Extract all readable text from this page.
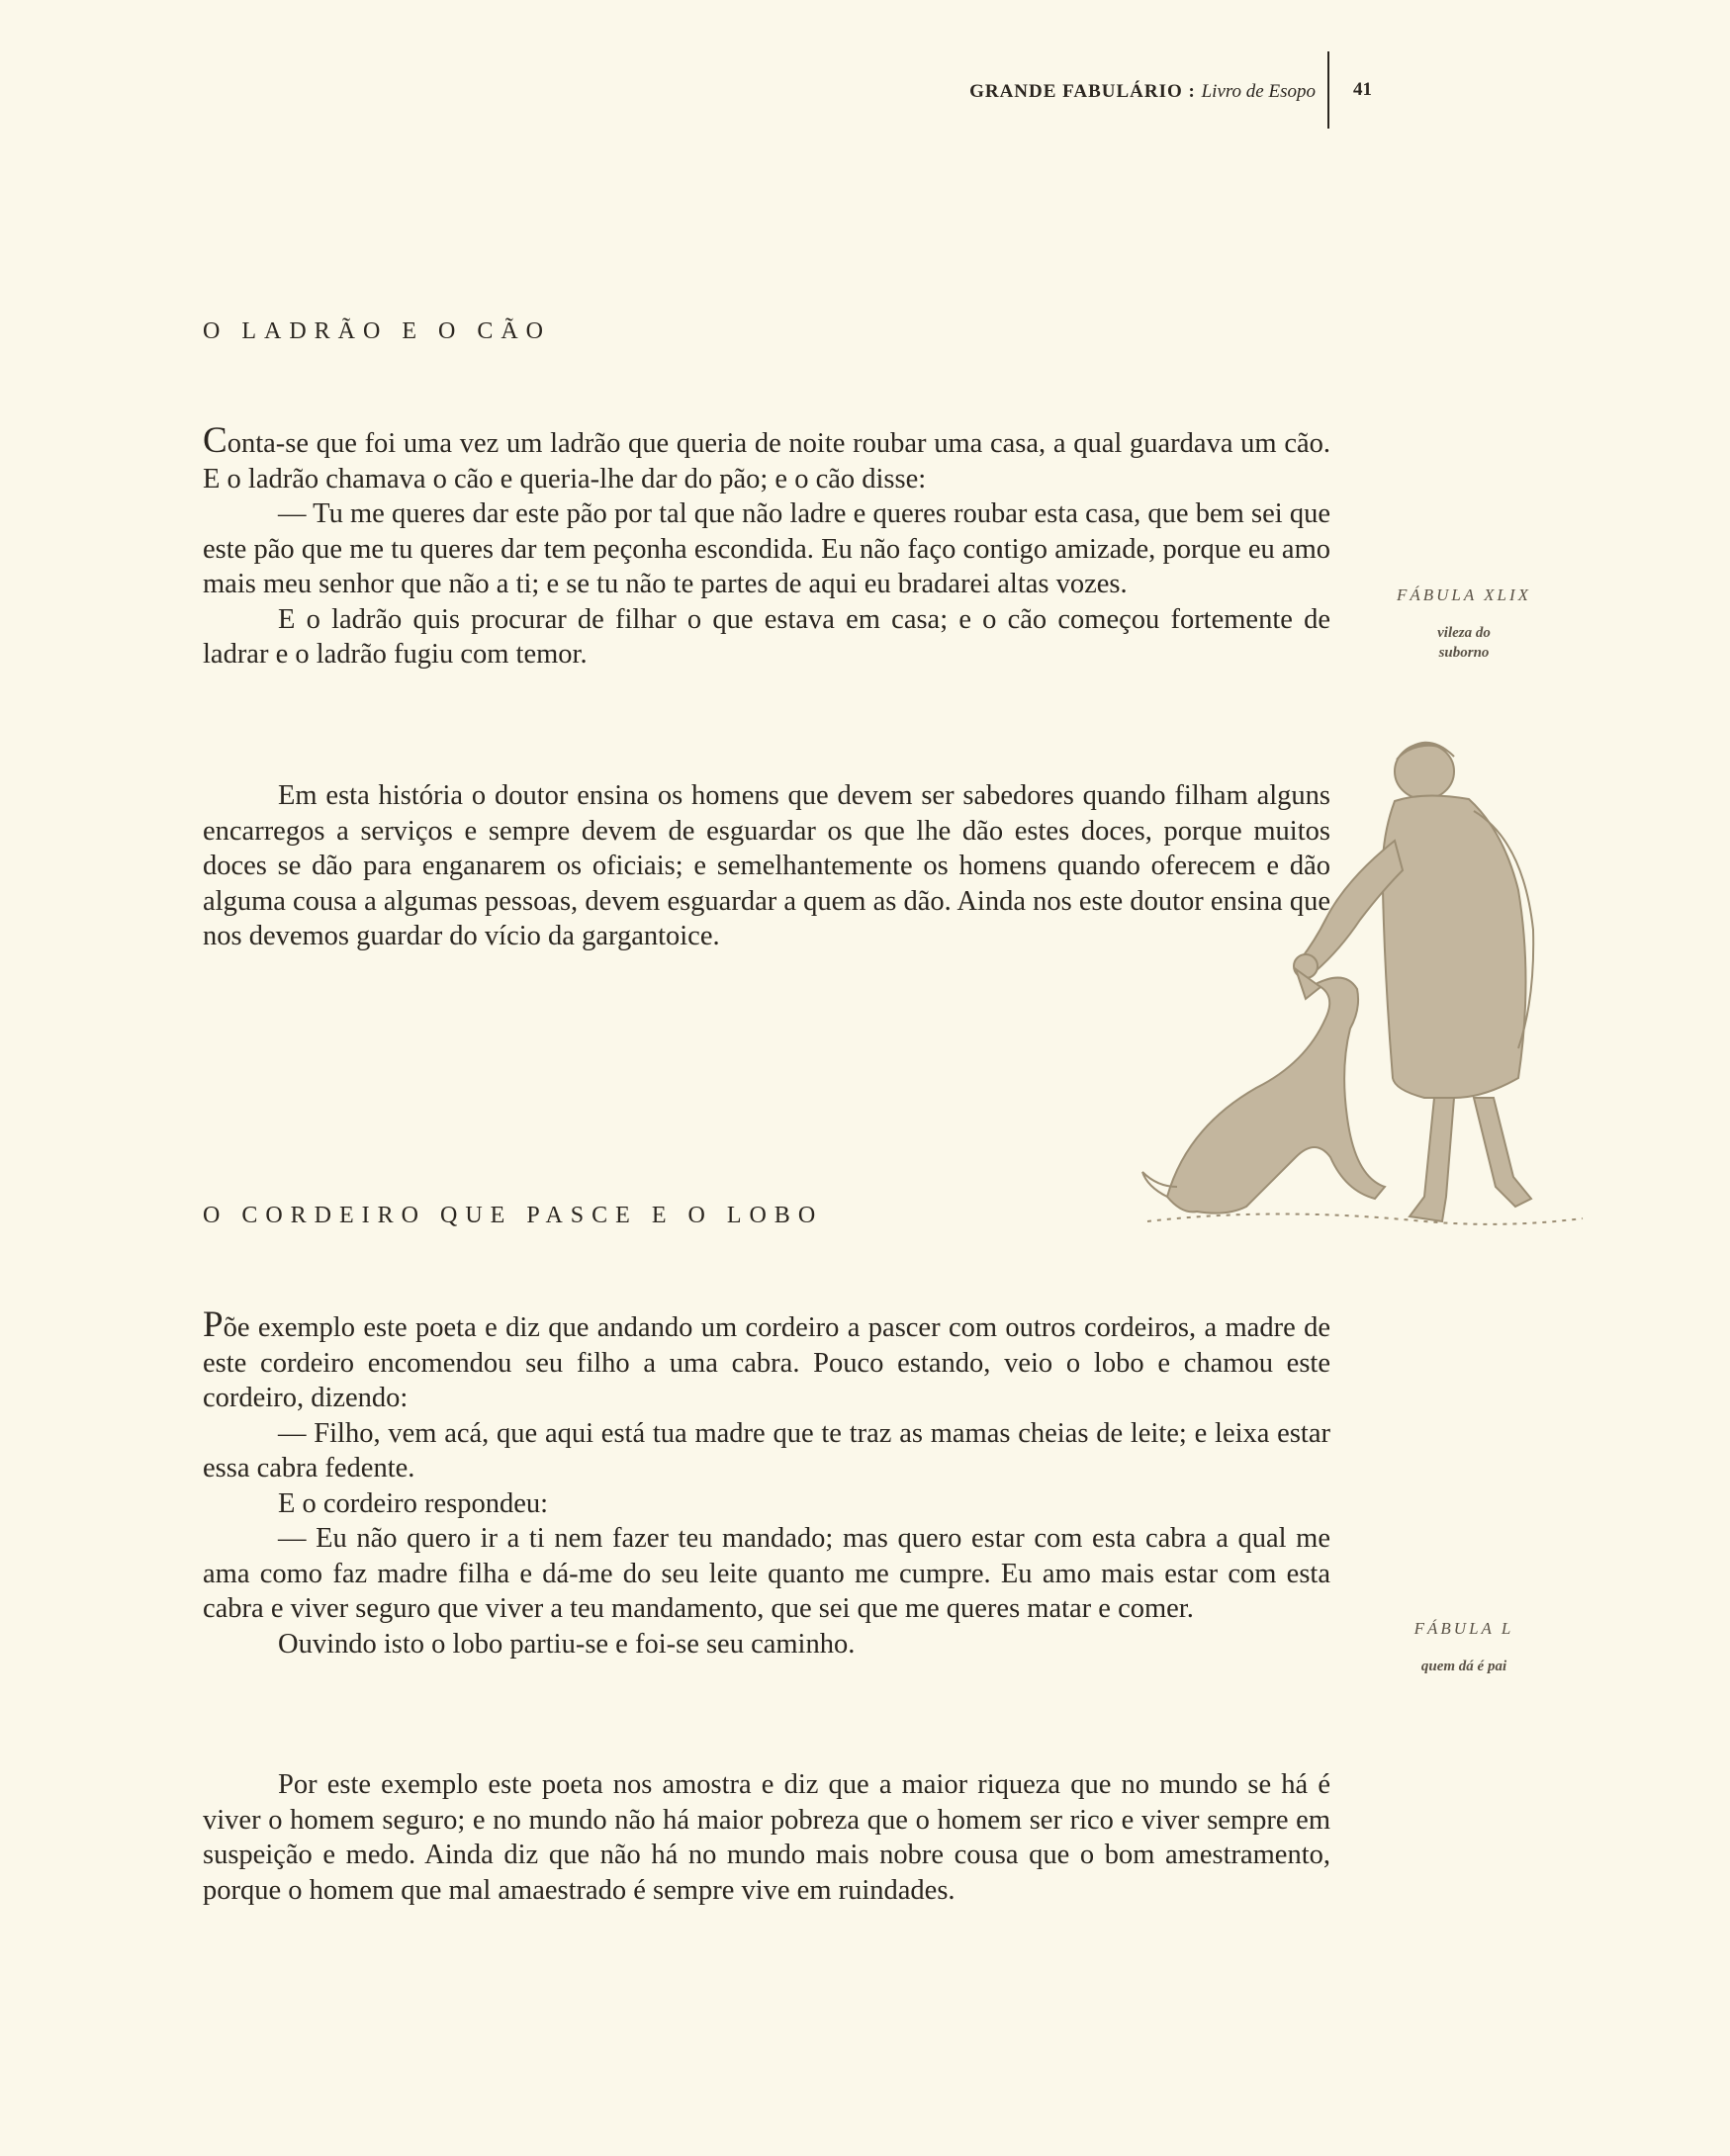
GRANDE FABULÁRIO : Livro de Esopo 41
O LADRÃO E O CÃO

Conta-se que foi uma vez um ladrão que queria de noite roubar uma casa, a qual guardava um cão. E o ladrão chamava o cão e queria-lhe dar do pão; e o cão disse:

— Tu me queres dar este pão por tal que não ladre e queres roubar esta casa, que bem sei que este pão que me tu queres dar tem peçonha escondida. Eu não faço contigo amizade, porque eu amo mais meu senhor que não a ti; e se tu não te partes de aqui eu bradarei altas vozes.

E o ladrão quis procurar de filhar o que estava em casa; e o cão começou fortemente de ladrar e o ladrão fugiu com temor.

Em esta história o doutor ensina os homens que devem ser sabedores quando filham alguns encarregos a serviços e sempre devem de esguardar os que lhe dão estes doces, porque muitos doces se dão para enganarem os oficiais; e semelhantemente os homens quando oferecem e dão alguma cousa a algumas pessoas, devem esguardar a quem as dão. Ainda nos este doutor ensina que nos devemos guardar do vício da gargantoice.

FÁBULA XLIX
vileza do suborno
O CORDEIRO QUE PASCE E O LOBO

Põe exemplo este poeta e diz que andando um cordeiro a pascer com outros cordeiros, a madre de este cordeiro encomendou seu filho a uma cabra. Pouco estando, veio o lobo e chamou este cordeiro, dizendo:

— Filho, vem acá, que aqui está tua madre que te traz as mamas cheias de leite; e leixa estar essa cabra fedente.

E o cordeiro respondeu:

— Eu não quero ir a ti nem fazer teu mandado; mas quero estar com esta cabra a qual me ama como faz madre filha e dá-me do seu leite quanto me cumpre. Eu amo mais estar com esta cabra e viver seguro que viver a teu mandamento, que sei que me queres matar e comer.

Ouvindo isto o lobo partiu-se e foi-se seu caminho.

Por este exemplo este poeta nos amostra e diz que a maior riqueza que no mundo se há é viver o homem seguro; e no mundo não há maior pobreza que o homem ser rico e viver sempre em suspeição e medo. Ainda diz que não há no mundo mais nobre cousa que o bom amestramento, porque o homem que mal amaestrado é sempre vive em ruindades.

FÁBULA L
quem dá é pai
